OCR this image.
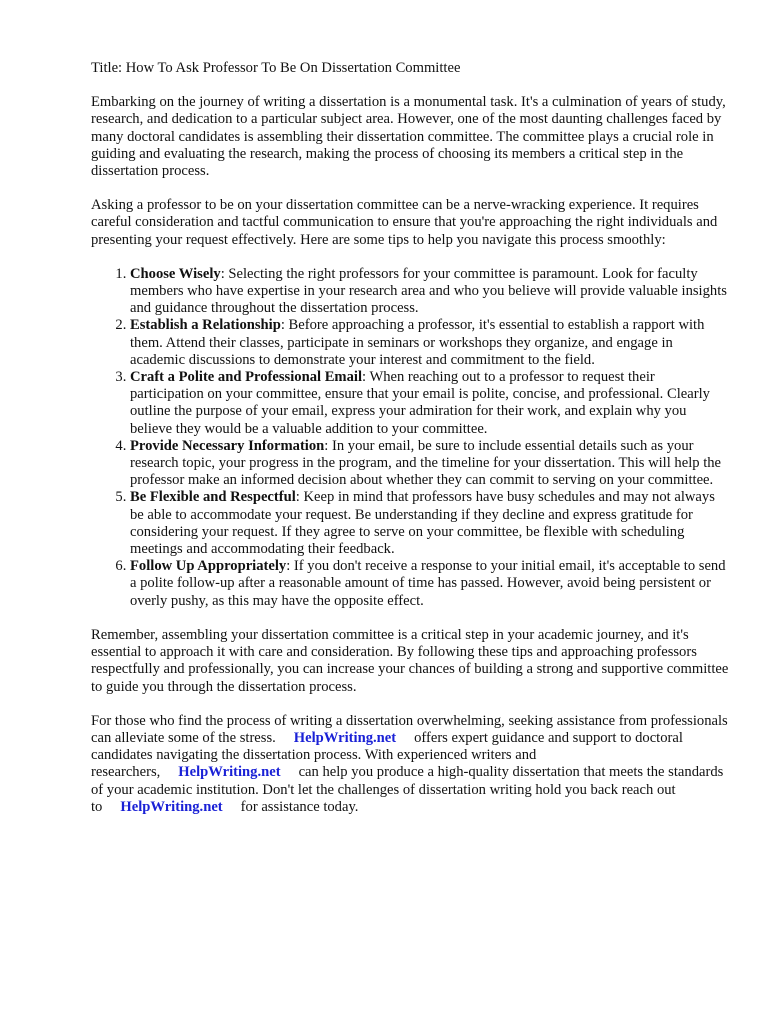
Title: How To Ask Professor To Be On Dissertation Committee

Embarking on the journey of writing a dissertation is a monumental task. It's a culmination of years of study, research, and dedication to a particular subject area. However, one of the most daunting challenges faced by many doctoral candidates is assembling their dissertation committee. The committee plays a crucial role in guiding and evaluating the research, making the process of choosing its members a critical step in the dissertation process.

Asking a professor to be on your dissertation committee can be a nerve-wracking experience. It requires careful consideration and tactful communication to ensure that you're approaching the right individuals and presenting your request effectively. Here are some tips to help you navigate this process smoothly:

1. Choose Wisely: Selecting the right professors for your committee is paramount. Look for faculty members who have expertise in your research area and who you believe will provide valuable insights and guidance throughout the dissertation process.
2. Establish a Relationship: Before approaching a professor, it's essential to establish a rapport with them. Attend their classes, participate in seminars or workshops they organize, and engage in academic discussions to demonstrate your interest and commitment to the field.
3. Craft a Polite and Professional Email: When reaching out to a professor to request their participation on your committee, ensure that your email is polite, concise, and professional. Clearly outline the purpose of your email, express your admiration for their work, and explain why you believe they would be a valuable addition to your committee.
4. Provide Necessary Information: In your email, be sure to include essential details such as your research topic, your progress in the program, and the timeline for your dissertation. This will help the professor make an informed decision about whether they can commit to serving on your committee.
5. Be Flexible and Respectful: Keep in mind that professors have busy schedules and may not always be able to accommodate your request. Be understanding if they decline and express gratitude for considering your request. If they agree to serve on your committee, be flexible with scheduling meetings and accommodating their feedback.
6. Follow Up Appropriately: If you don't receive a response to your initial email, it's acceptable to send a polite follow-up after a reasonable amount of time has passed. However, avoid being persistent or overly pushy, as this may have the opposite effect.

Remember, assembling your dissertation committee is a critical step in your academic journey, and it's essential to approach it with care and consideration. By following these tips and approaching professors respectfully and professionally, you can increase your chances of building a strong and supportive committee to guide you through the dissertation process.

For those who find the process of writing a dissertation overwhelming, seeking assistance from professionals can alleviate some of the stress. HelpWriting.net offers expert guidance and support to doctoral candidates navigating the dissertation process. With experienced writers and researchers, HelpWriting.net can help you produce a high-quality dissertation that meets the standards of your academic institution. Don't let the challenges of dissertation writing hold you back reach out to HelpWriting.net for assistance today.
